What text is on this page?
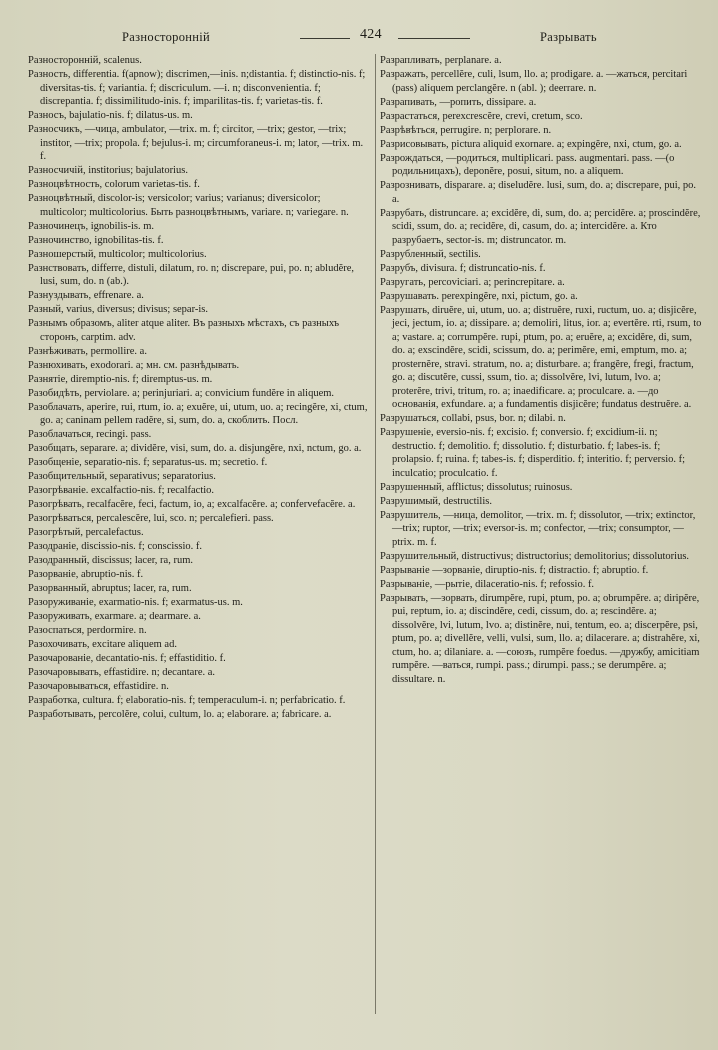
Разносторонній	424	Разрывать
Разносторонній, scalenus.
Разность, differentia. f(apnow); discrimen,—inis. n;distantia. f; distinctio-nis. f; diversitas-tis. f; variantia. f; discriculum. —i. n; disconvenientia. f; discrepantia. f; dissimilitudo-inis. f; imparilitas-tis. f; varietas-tis. f.
Разносъ, bajulatio-nis. f; dilatus-us. m.
Разносчикъ, —чица, ambulator, —trix. m. f; circitor, —trix; gestor, —trix; institor, —trix; propola. f; bejulus-i. m; circumforaneus-i. m; lator, —trix. m. f.
Разносчичій, institorius; bajulatorius.
Разноцвѣтность, colorum varietas-tis. f.
Разноцвѣтный, discolor-is; versicolor; varius; varianus; diversicolor; multicolor; multicolorius. Быть разноцвѣтнымъ, variare. n; variegare. n.
Разночинецъ, ignobilis-is. m.
Разночинство, ignobilitas-tis. f.
Разношерстый, multicolor; multicolorius.
Разнствовать, differre, distuli, dilatum, ro. n; discrepare, pui, po. n; abludĕre, lusi, sum, do. n (ab.).
Разнуздывать, effrenare. a.
Разный, varius, diversus; divisus; separ-is.
Разнымъ образомъ, aliter atque aliter. Въ разныхъ мѣстахъ, съ разныхъ сторонъ, carptim. adv.
Разнѣживать, permollire. a.
Разнюхивать, exodorari. a; мн. см. разнѣдывать.
Разнятіе, diremptio-nis. f; diremptus-us. m.
Разобидѣть, perviolare. a; perinjuriari. a; convicium fundĕre in aliquem.
Разоблачать, aperire, rui, rtum, io. a; exuĕre, ui, utum, uo. a; recingĕre, xi, ctum, go. a; caninam pellem radĕre, si, sum, do. a, скоблить. Посл.
Разоблачаться, recingi. pass.
Разобщать, separare. a; dividĕre, visi, sum, do. a. disjungĕre, nxi, nctum, go. a.
Разобщеніе, separatio-nis. f; separatus-us. m; secretio. f.
Разобщительный, separativus; separatorius.
Разогрѣваніе. excalfactio-nis. f; recalfactio.
Разогрѣвать, recalfacĕre, feci, factum, io, a; excalfacĕre. a; confervefacĕre. a.
Разогрѣваться, percalescĕre, lui, sco. n; percalefieri. pass.
Разогрѣтый, percalefactus.
Разодраніе, discissio-nis. f; conscissio. f.
Разодранный, discissus; lacer, ra, rum.
Разорваніе, abruptio-nis. f.
Разорванный, abruptus; lacer, ra, rum.
Разоруживаніе, exarmatio-nis. f; exarmatus-us. m.
Разоруживать, exarmare. a; dearmare. a.
Разоспаться, perdormire. n.
Разохочивать, excitare aliquem ad.
Разочарованіе, decantatio-nis. f; effastiditio. f.
Разочаровывать, effastidire. n; decantare. a.
Разочаровываться, effastidire. n.
Разработка, cultura. f; elaboratio-nis. f; temperaculum-i. n; perfabricatio. f.
Разработывать, percolĕre, colui, cultum, lo. a; elaborare. a; fabricare. a.
Разрапливать, perplanare. a.
Разражать, percellĕre, culi, lsum, llo. a; prodigare. a. —жаться, percitari (pass) aliquem perclangĕre. n (abl. ); deerrare. n.
Разрапивать, —ропить, dissipare. a.
Разрастаться, perexcrescĕre, crevi, cretum, sco.
Разрѣвѣться, perrugire. n; perplorare. n.
Разрисовывать, pictura aliquid exornare. a; expingĕre, nxi, ctum, go. a.
Разрождаться, —родиться, multiplicari. pass. augmentari. pass. —(о родильницахъ), deponĕre, posui, situm, no. a aliquem.
Разрознивать, disparare. a; diseludĕre. lusi, sum, do. a; discrepare, pui, po. a.
Разрубать, distruncare. a; excidĕre, di, sum, do. a; percidĕre. a; proscindĕre, scidi, ssum, do. a; recidĕre, di, casum, do. a; intercidĕre. a. Кто разрубаетъ, sector-is. m; distruncator. m.
Разрубленный, sectilis.
Разрубъ, divisura. f; distruncatio-nis. f.
Разругать, percoviciari. a; perincrepitare. a.
Разрушавать. perexpingĕre, nxi, pictum, go. a.
Разрушать, diruĕre, ui, utum, uo. a; distruĕre, ruxi, ructum, uo. a; disjicĕre, jeci, jectum, io. a; dissipare. a; demoliri, litus, ior. a; evertĕre. rti, rsum, to a; vastare. a; corrumpĕre. rupi, ptum, po. a; eruĕre, a; excidĕre, di, sum, do. a; exscindĕre, scidi, scissum, do. a; perimĕre, emi, emptum, mo. a; prosternĕre, stravi. stratum, no. a; disturbare. a; frangĕre, fregi, fractum, go. a; discutĕre, cussi, ssum, tio. a; dissolvĕre, lvi, lutum, lvo. a; proterĕre, trivi, tritum, ro. a; inaedificare. a; proculcare. a. —до основанія, exfundare. a; a fundamentis disjicĕre; fundatus destruĕre. a.
Разрушаться, collabi, psus, bor. n; dilabi. n.
Разрушеніе, eversio-nis. f; excisio. f; conversio. f; excidium-ii. n; destructio. f; demolitio. f; dissolutio. f; disturbatio. f; labes-is. f; prolapsio. f; ruina. f; tabes-is. f; disperditio. f; interitio. f; perversio. f; inculcatio; proculcatio. f.
Разрушенный, afflictus; dissolutus; ruinosus.
Разрушимый, destructilis.
Разрушитель, —ница, demolitor, —trix. m. f; dissolutor, —trix; extinctor, —trix; ruptor, —trix; eversor-is. m; confector, —trix; consumptor, —ptrix. m. f.
Разрушительный, distructivus; distructorius; demolitorius; dissolutorius.
Разрываніе —зорваніе, diruptio-nis. f; distractio. f; abruptio. f.
Разрываніе, —рытіе, dilaceratio-nis. f; refossio. f.
Разрывать, —зорвать, dirumpĕre, rupi, ptum, po. a; obrumpĕre. a; diripĕre, pui, reptum, io. a; discindĕre, cedi, cissum, do. a; rescindĕre. a; dissolvĕre, lvi, lutum, lvo. a; distinĕre, nui, tentum, eo. a; discerpĕre, psi, ptum, po. a; divellĕre, velli, vulsi, sum, llo. a; dilacerare. a; distrahĕre, xi, ctum, ho. a; dilaniare. a. —союзъ, rumpĕre foedus. —дружбу, amicitiam rumpĕre. —ваться, rumpi. pass.; dirumpi. pass.; se derumpĕre. a; dissultare. n.
